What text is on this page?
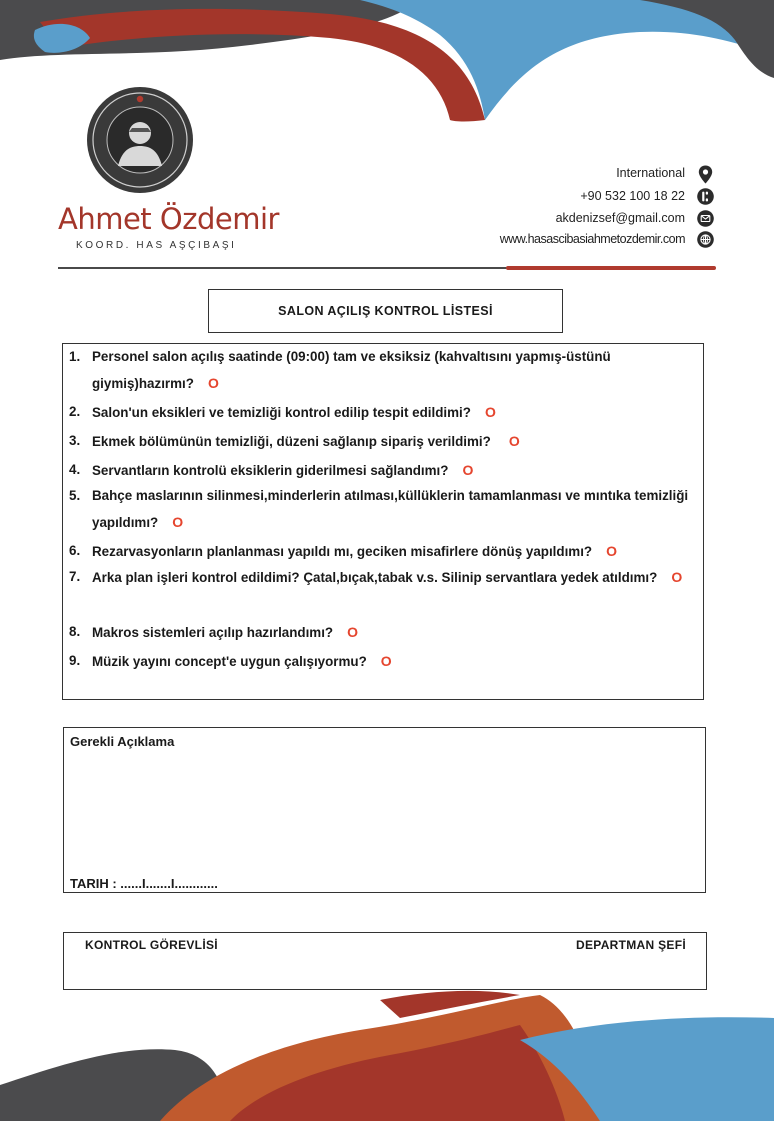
Ahmet Özdemir
KOORD. HAS AŞÇIBAŞI
International
+90 532 100 18 22
akdenizsef@gmail.com
www.hasascibasiahmetozdemir.com
SALON AÇILIŞ KONTROL LİSTESİ
1. Personel salon açılış saatinde (09:00) tam ve eksiksiz (kahvaltısını yapmış-üstünü giymiş)hazırmı? O
2. Salon'un eksikleri ve temizliği kontrol edilip tespit edildimi? O
3. Ekmek bölümünün temizliği, düzeni sağlanıp sipariş verildimi? O
4. Servantların kontrolü eksiklerin giderilmesi sağlandımı? O
5. Bahçe maslarının silinmesi,minderlerin atılması,küllüklerin tamamlanması ve mıntıka temizliği yapıldımı? O
6. Rezarvasyonların planlanması yapıldı mı, geciken misafirlere dönüş yapıldımı? O
7. Arka plan işleri kontrol edildimi? Çatal,bıçak,tabak v.s. Silinip servantlara yedek atıldımı? O
8. Makros sistemleri açılıp hazırlandımı? O
9. Müzik yayını concept'e uygun çalışıyormu? O
Gerekli Açıklama
TARIH : ......I.......I............
KONTROL GÖREVLİSİ	DEPARTMAN ŞEFİ
